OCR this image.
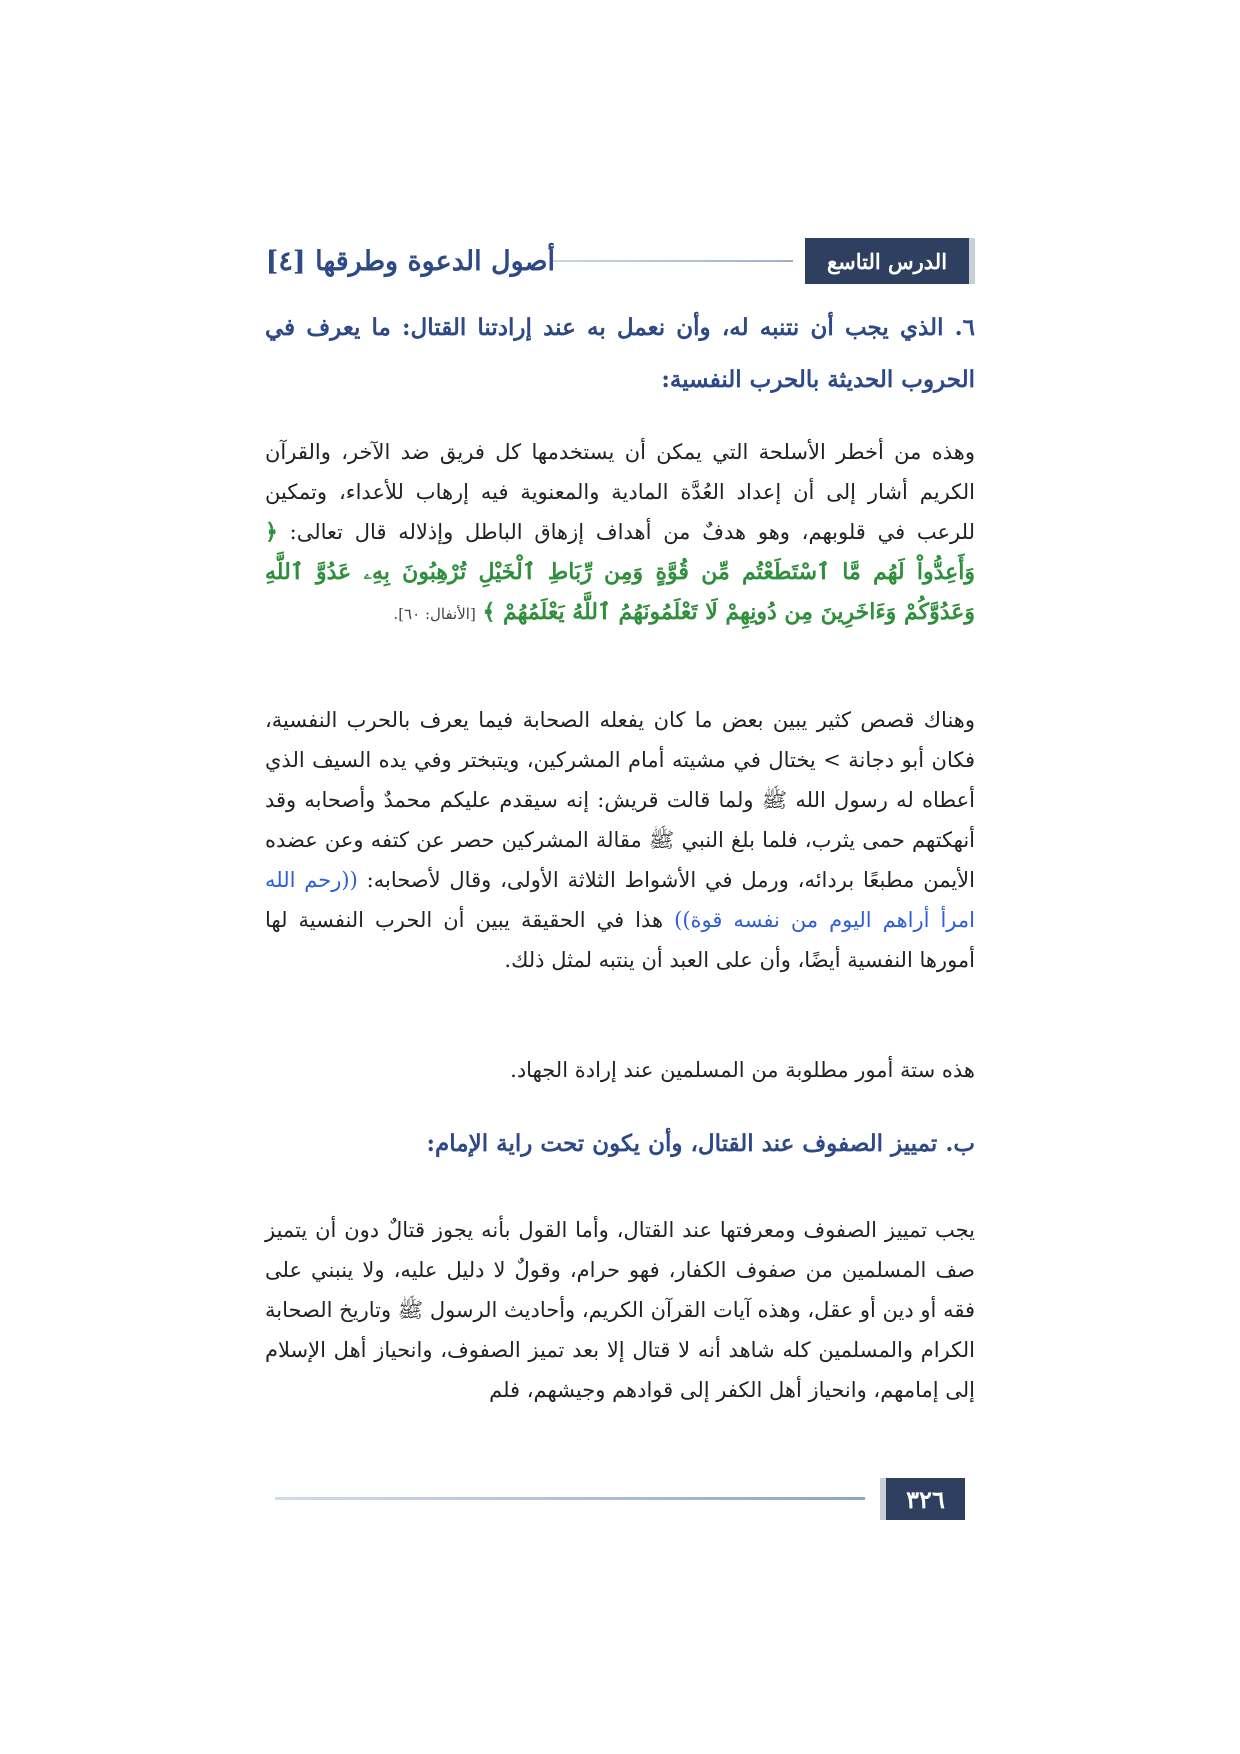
الدرس التاسع
أصول الدعوة وطرقها [٤]
٦. الذي يجب أن نتنبه له، وأن نعمل به عند إرادتنا القتال: ما يعرف في الحروب الحديثة بالحرب النفسية:
وهذه من أخطر الأسلحة التي يمكن أن يستخدمها كل فريق ضد الآخر، والقرآن الكريم أشار إلى أن إعداد العُدَّة المادية والمعنوية فيه إرهاب للأعداء، وتمكين للرعب في قلوبهم، وهو هدفٌ من أهداف إزهاق الباطل وإذلاله قال تعالى: ﴿ وَأَعِدُّواْ لَهُم مَّا ٱسْتَطَعْتُم مِّن قُوَّةٍ وَمِن رِّبَاطِ ٱلْخَيْلِ تُرْهِبُونَ بِهِۦ عَدُوَّ ٱللَّهِ وَعَدُوَّكُمْ وَءَاخَرِينَ مِن دُونِهِمْ لَا تَعْلَمُونَهُمُ ٱللَّهُ يَعْلَمُهُمْ ﴾ [الأنفال: ٦٠].
وهناك قصص كثير يبين بعض ما كان يفعله الصحابة فيما يعرف بالحرب النفسية، فكان أبو دجانة > يختال في مشيته أمام المشركين، ويتبختر وفي يده السيف الذي أعطاه له رسول الله ﷺ ولما قالت قريش: إنه سيقدم عليكم محمدٌ وأصحابه وقد أنهكتهم حمى يثرب، فلما بلغ النبي ﷺ مقالة المشركين حصر عن كتفه وعن عضده الأيمن مطبعًا بردائه، ورمل في الأشواط الثلاثة الأولى، وقال لأصحابه: ((رحم الله امرأ أراهم اليوم من نفسه قوة)) هذا في الحقيقة يبين أن الحرب النفسية لها أمورها النفسية أيضًا، وأن على العبد أن ينتبه لمثل ذلك.
هذه ستة أمور مطلوبة من المسلمين عند إرادة الجهاد.
ب. تمييز الصفوف عند القتال، وأن يكون تحت راية الإمام:
يجب تمييز الصفوف ومعرفتها عند القتال، وأما القول بأنه يجوز قتالٌ دون أن يتميز صف المسلمين من صفوف الكفار، فهو حرام، وقولٌ لا دليل عليه، ولا ينبني على فقه أو دين أو عقل، وهذه آيات القرآن الكريم، وأحاديث الرسول ﷺ وتاريخ الصحابة الكرام والمسلمين كله شاهد أنه لا قتال إلا بعد تميز الصفوف، وانحياز أهل الإسلام إلى إمامهم، وانحياز أهل الكفر إلى قوادهم وجيشهم، فلم
٣٢٦
